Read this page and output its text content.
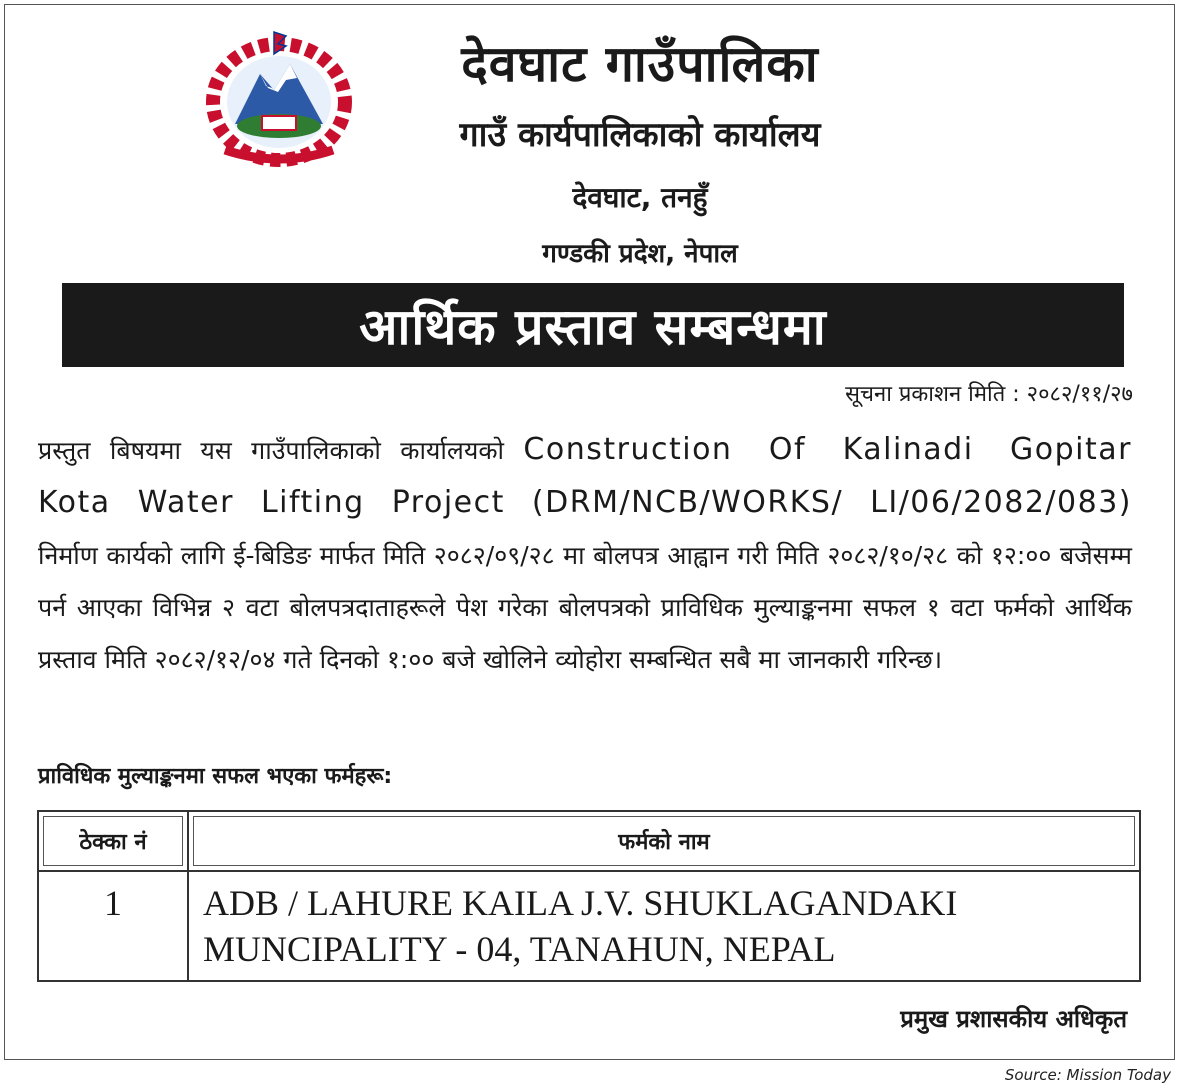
देवघाट गाउँपालिका
गाउँ कार्यपालिकाको कार्यालय
देवघाट, तनहुँ
गण्डकी प्रदेश, नेपाल
आर्थिक प्रस्ताव सम्बन्धमा
सूचना प्रकाशन मिति : २०८२/११/२७
प्रस्तुत बिषयमा यस गाउँपालिकाको कार्यालयको Construction Of Kalinadi Gopitar Kota Water Lifting Project (DRM/NCB/WORKS/ LI/06/2082/083) निर्माण कार्यको लागि ई-बिडिङ मार्फत मिति २०८२/०९/२८ मा बोलपत्र आह्वान गरी मिति २०८२/१०/२८ को १२:०० बजेसम्म पर्न आएका विभिन्न २ वटा बोलपत्रदाताहरूले पेश गरेका बोलपत्रको प्राविधिक मुल्याङ्कनमा सफल १ वटा फर्मको आर्थिक प्रस्ताव मिति २०८२/१२/०४ गते दिनको १:०० बजे खोलिने व्योहोरा सम्बन्धित सबै मा जानकारी गरिन्छ।
प्राविधिक मुल्याङ्कनमा सफल भएका फर्महरू:
ठेक्का नं	फर्मको नाम

1	ADB / LAHURE KAILA J.V. SHUKLAGANDAKI MUNCIPALITY - 04, TANAHUN, NEPAL
प्रमुख प्रशासकीय अधिकृत
Source: Mission Today
